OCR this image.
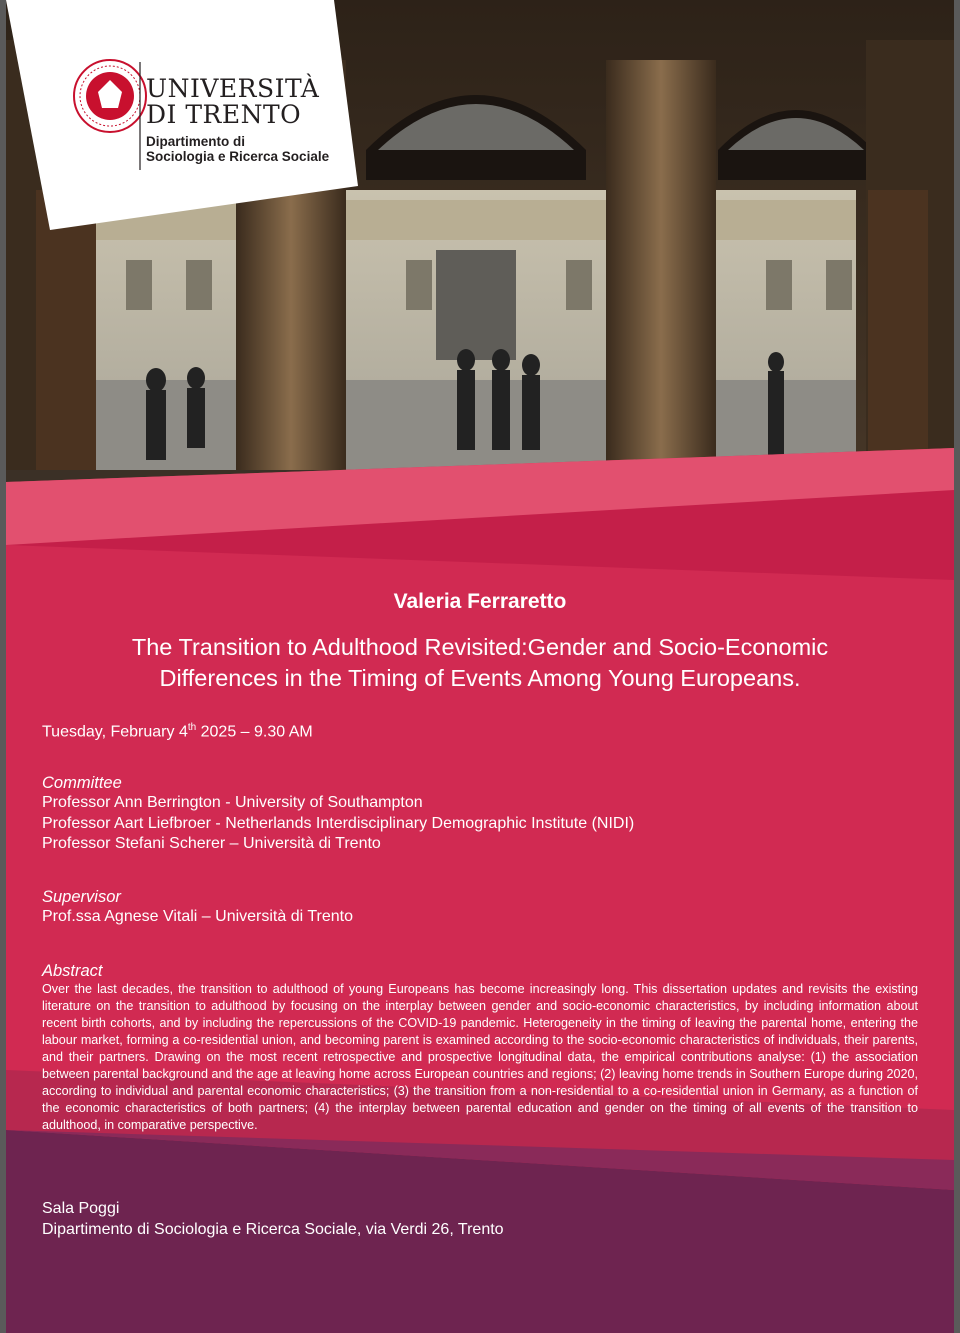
UNIVERSITÀ
DI TRENTO
Dipartimento di
Sociologia e Ricerca Sociale
Valeria Ferraretto
The Transition to Adulthood Revisited:Gender and Socio-Economic
Differences in the Timing of Events Among Young Europeans.
Tuesday, February 4th 2025 – 9.30 AM
Committee
Professor Ann Berrington - University of Southampton
Professor Aart Liefbroer - Netherlands Interdisciplinary Demographic Institute (NIDI)
Professor Stefani Scherer – Università di Trento
Supervisor
Prof.ssa Agnese Vitali – Università di Trento
Abstract
Over the last decades, the transition to adulthood of young Europeans has become increasingly long. This dissertation updates and revisits the existing literature on the transition to adulthood by focusing on the interplay between gender and socio-economic characteristics, by including information about recent birth cohorts, and by including the repercussions of the COVID-19 pandemic. Heterogeneity in the timing of leaving the parental home, entering the labour market, forming a co-residential union, and becoming parent is examined according to the socio-economic characteristics of individuals, their parents, and their partners. Drawing on the most recent retrospective and prospective longitudinal data, the empirical contributions analyse: (1) the association between parental background and the age at leaving home across European countries and regions; (2) leaving home trends in Southern Europe during 2020, according to individual and parental economic characteristics; (3) the transition from a non-residential to a co-residential union in Germany, as a function of the economic characteristics of both partners; (4) the interplay between parental education and gender on the timing of all events of the transition to adulthood, in comparative perspective.
Sala Poggi
Dipartimento di Sociologia e Ricerca Sociale, via Verdi 26, Trento
